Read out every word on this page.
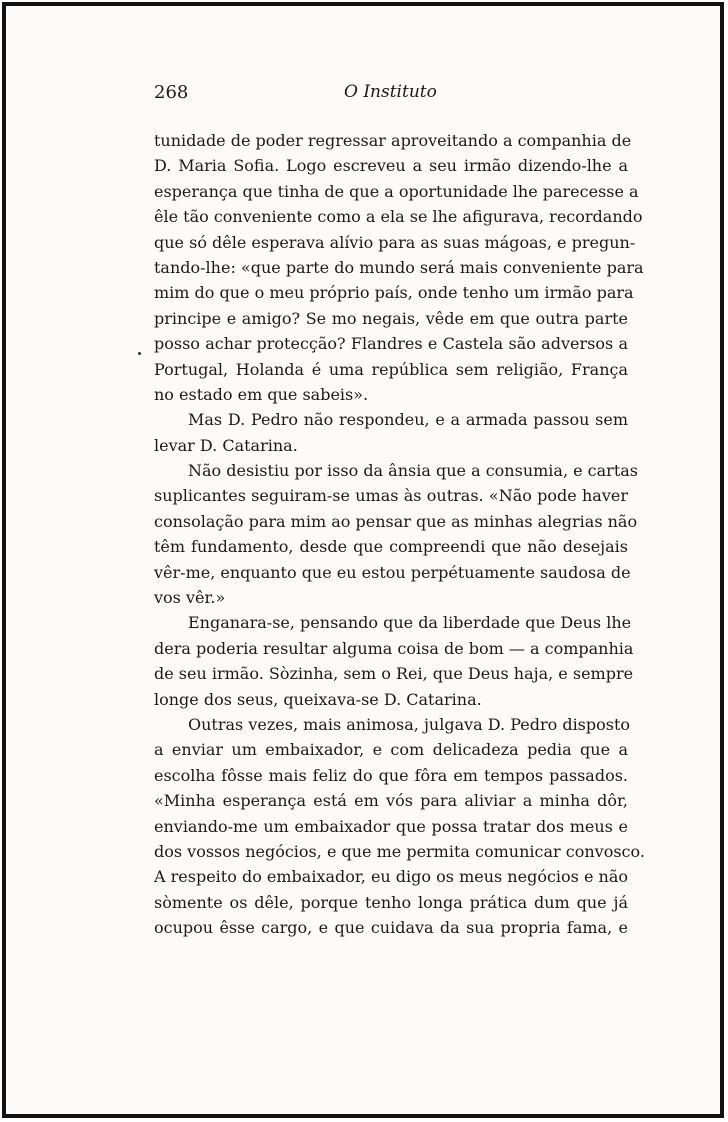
268	O Instituto
tunidade de poder regressar aproveitando a companhia de
D. Maria Sofia. Logo escreveu a seu irmão dizendo-lhe a
esperança que tinha de que a oportunidade lhe parecesse a
êle tão conveniente como a ela se lhe afigurava, recordando
que só dêle esperava alívio para as suas mágoas, e pregun-
tando-lhe: «que parte do mundo será mais conveniente para
mim do que o meu próprio país, onde tenho um irmão para
principe e amigo? Se mo negais, vêde em que outra parte
posso achar protecção? Flandres e Castela são adversos a
Portugal, Holanda é uma república sem religião, França
no estado em que sabeis».
Mas D. Pedro não respondeu, e a armada passou sem
levar D. Catarina.
Não desistiu por isso da ânsia que a consumia, e cartas
suplicantes seguiram-se umas às outras. «Não pode haver
consolação para mim ao pensar que as minhas alegrias não
têm fundamento, desde que compreendi que não desejais
vêr-me, enquanto que eu estou perpétuamente saudosa de
vos vêr.»
Enganara-se, pensando que da liberdade que Deus lhe
dera poderia resultar alguma coisa de bom — a companhia
de seu irmão. Sòzinha, sem o Rei, que Deus haja, e sempre
longe dos seus, queixava-se D. Catarina.
Outras vezes, mais animosa, julgava D. Pedro disposto
a enviar um embaixador, e com delicadeza pedia que a
escolha fôsse mais feliz do que fôra em tempos passados.
«Minha esperança está em vós para aliviar a minha dôr,
enviando-me um embaixador que possa tratar dos meus e
dos vossos negócios, e que me permita comunicar convosco.
A respeito do embaixador, eu digo os meus negócios e não
sòmente os dêle, porque tenho longa prática dum que já
ocupou êsse cargo, e que cuidava da sua propria fama, e
